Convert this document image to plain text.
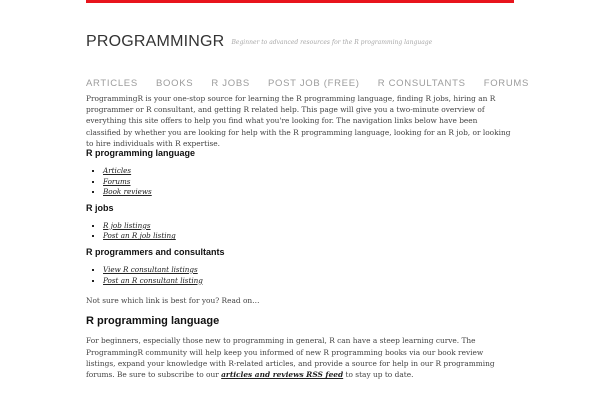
PROGRAMMINGR Beginner to advanced resources for the R programming language
ARTICLES BOOKS R JOBS POST JOB (FREE) R CONSULTANTS FORUMS

ProgrammingR is your one-stop source for learning the R programming language, finding R jobs, hiring an R programmer or R consultant, and getting R related help. This page will give you a two-minute overview of everything this site offers to help you find what you're looking for. The navigation links below have been classified by whether you are looking for help with the R programming language, looking for an R job, or looking to hire individuals with R expertise.

R programming language
▪ Articles
▪ Forums
▪ Book reviews
R jobs
▪ R job listings
▪ Post an R job listing
R programmers and consultants
▪ View R consultant listings
▪ Post an R consultant listing

Not sure which link is best for you? Read on…

R programming language

For beginners, especially those new to programming in general, R can have a steep learning curve. The ProgrammingR community will help keep you informed of new R programming books via our book review listings, expand your knowledge with R-related articles, and provide a source for help in our R programming forums. Be sure to subscribe to our articles and reviews RSS feed to stay up to date.
